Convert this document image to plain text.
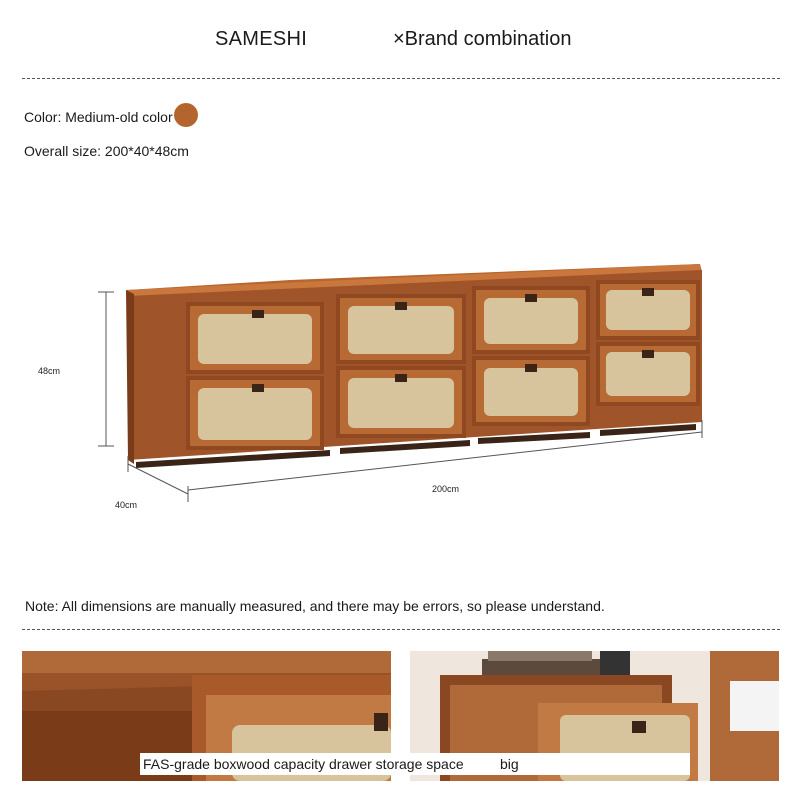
SAMESHI	×Brand combination
Color: Medium-old color
Overall size: 200*40*48cm
48cm
40cm
200cm
Note: All dimensions are manually measured, and there may be errors, so please understand.
FAS-grade boxwood capacity drawer storage space	big
